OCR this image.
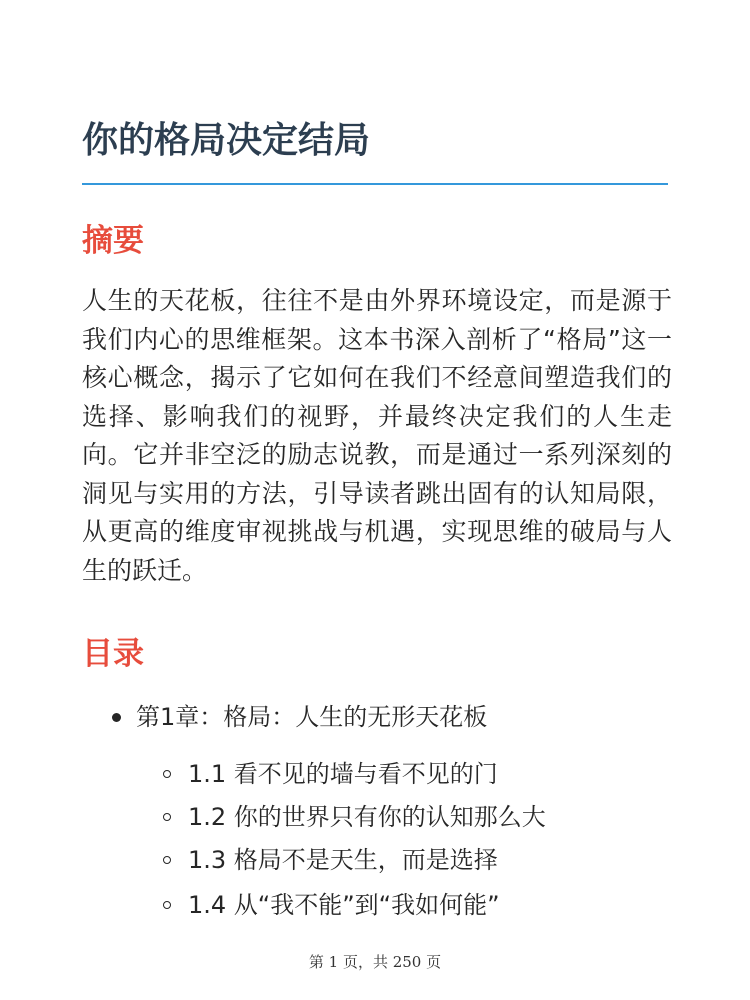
你的格局决定结局
摘要

人生的天花板，往往不是由外界环境设定，而是源于我们内心的思维框架。这本书深入剖析了“格局”这一核心概念，揭示了它如何在我们不经意间塑造我们的选择、影响我们的视野，并最终决定我们的人生走向。它并非空泛的励志说教，而是通过一系列深刻的洞见与实用的方法，引导读者跳出固有的认知局限，从更高的维度审视挑战与机遇，实现思维的破局与人生的跃迁。

目录
第1章：格局：人生的无形天花板
1.1 看不见的墙与看不见的门
1.2 你的世界只有你的认知那么大
1.3 格局不是天生，而是选择
1.4 从“我不能”到“我如何能”
第 1 页，共 250 页
